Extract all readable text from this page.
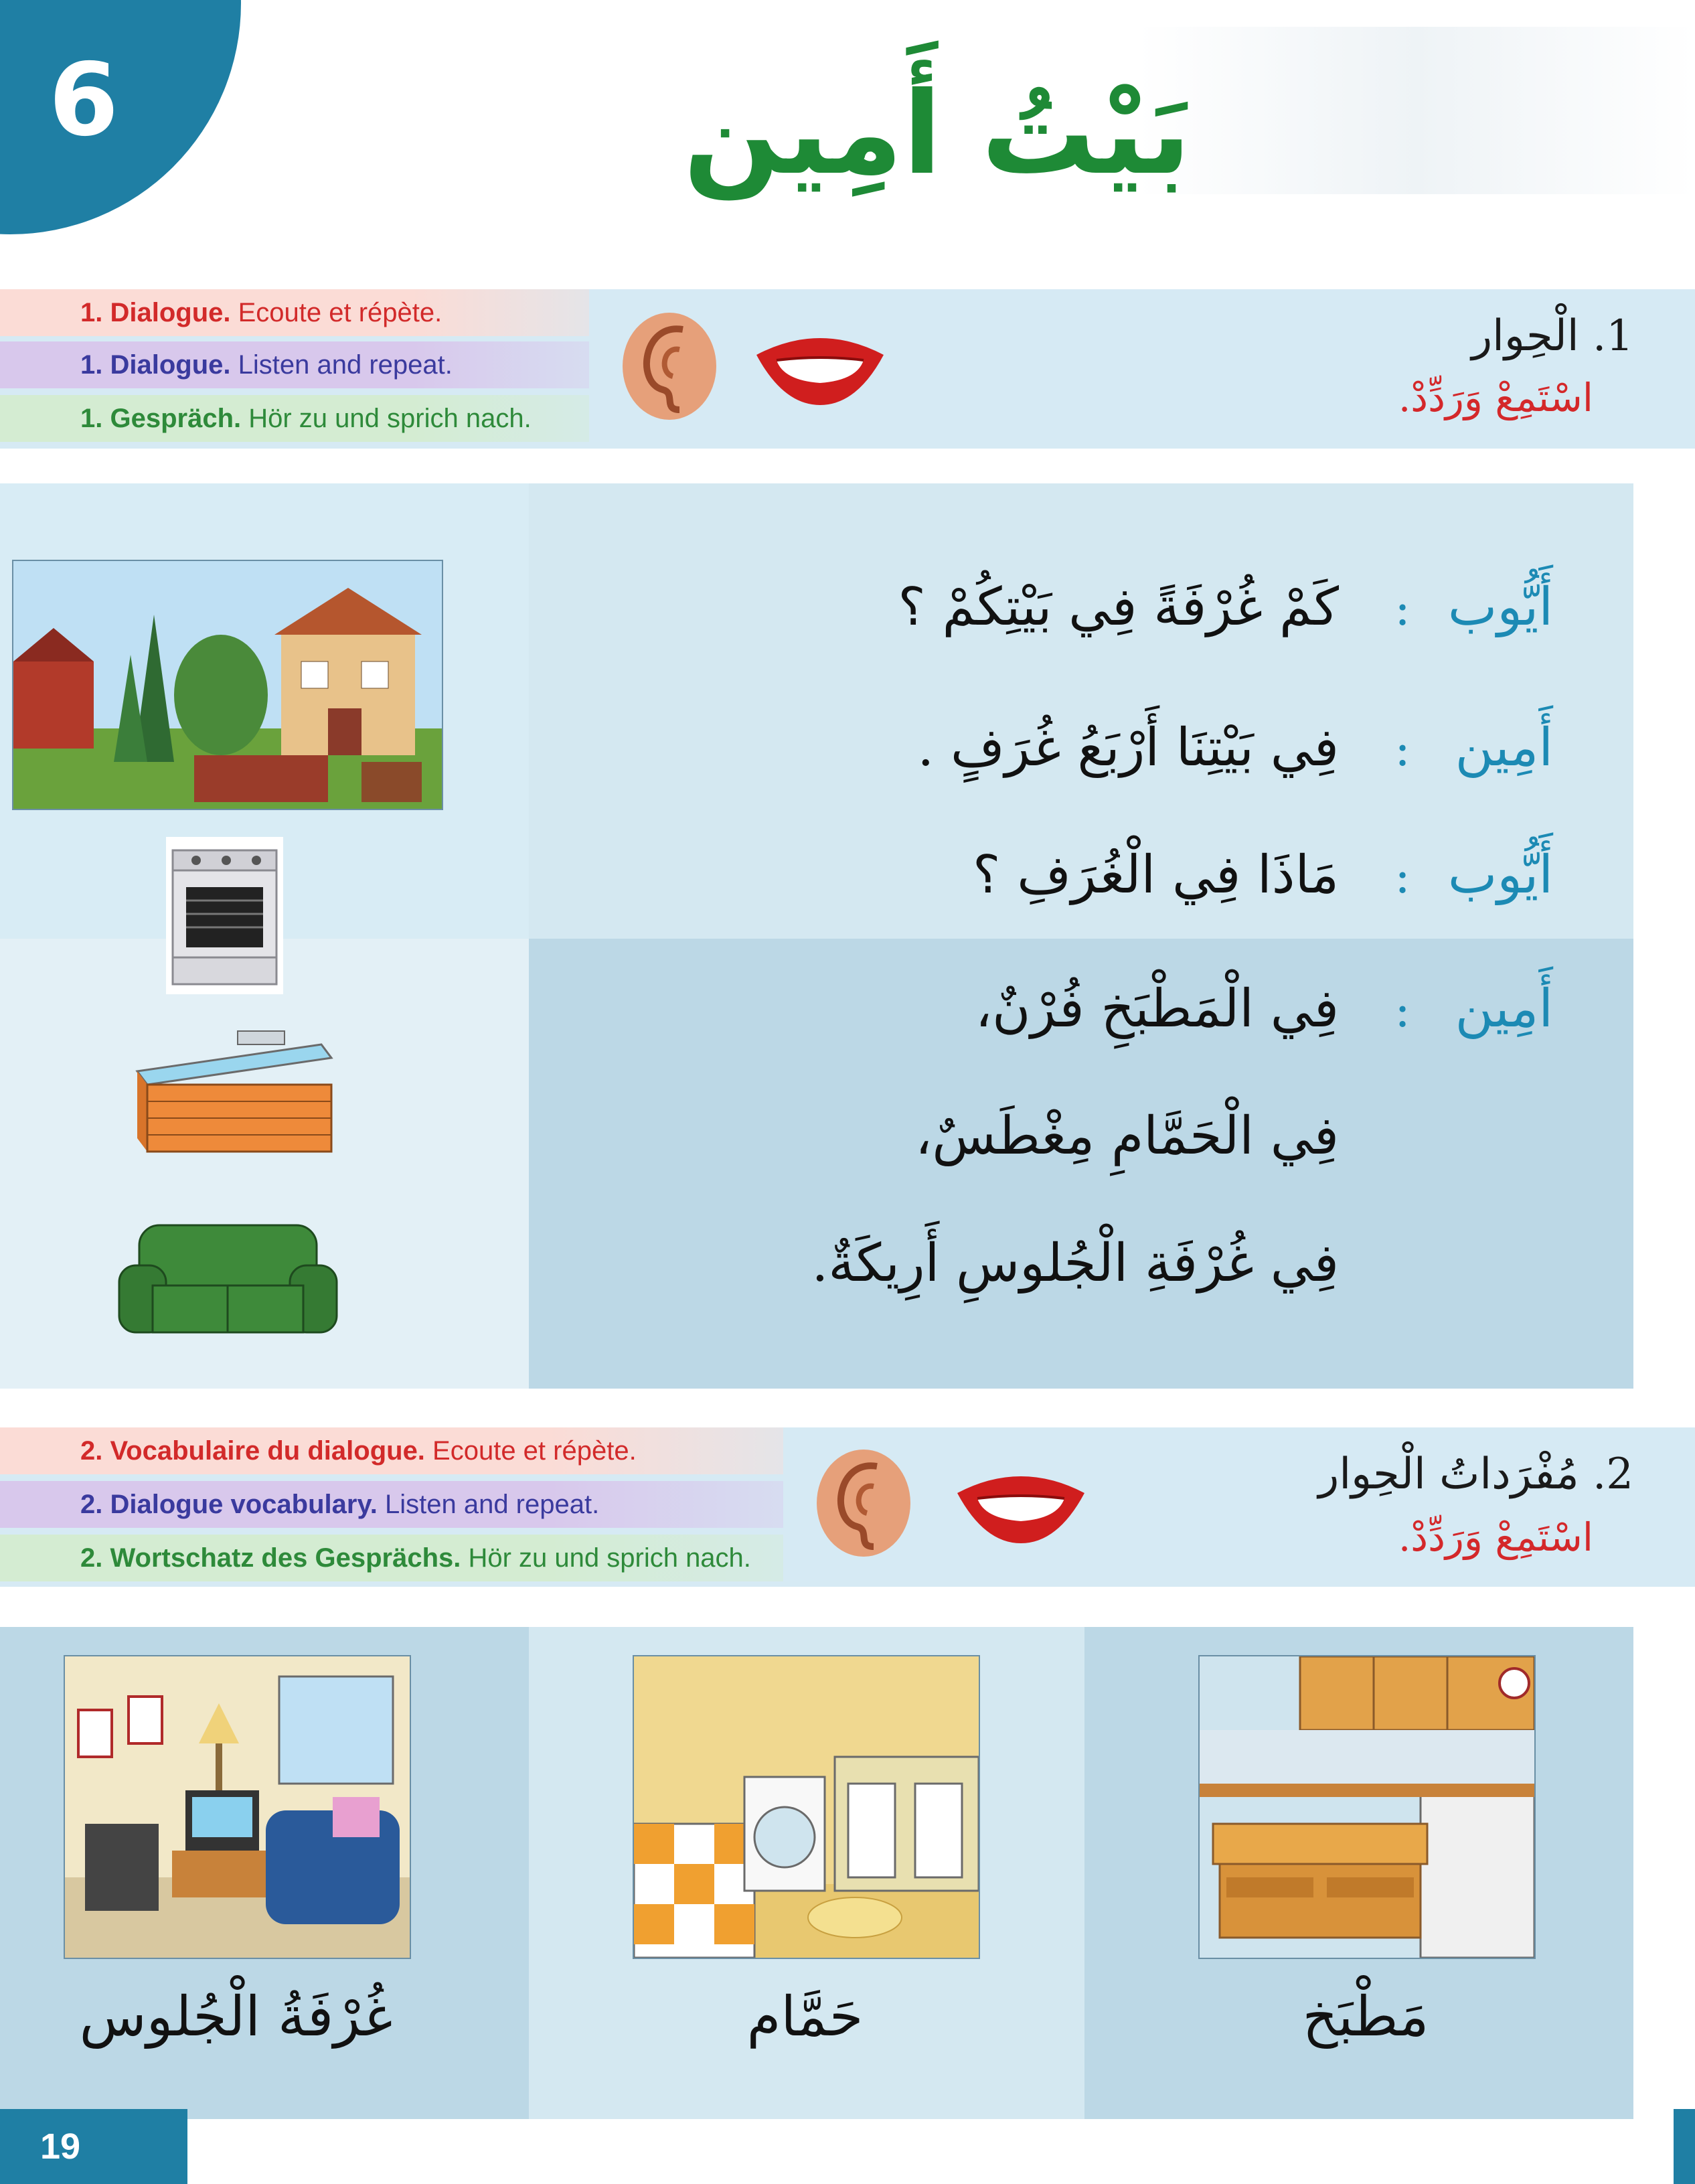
6	بَيْتُ أَمِين
1. Dialogue. Ecoute et répète.
1. Dialogue. Listen and repeat.
1. Gespräch. Hör zu und sprich nach.
1. الْحِوار
اسْتَمِعْ وَرَدِّدْ.
أَيُّوب
:
كَمْ غُرْفَةً فِي بَيْتِكُمْ ؟
أَمِين
:
فِي بَيْتِنَا أَرْبَعُ غُرَفٍ .
أَيُّوب
:
مَاذَا فِي الْغُرَفِ ؟
أَمِين
:
فِي الْمَطْبَخِ فُرْنٌ،
فِي الْحَمَّامِ مِغْطَسٌ،
فِي غُرْفَةِ الْجُلوسِ أَرِيكَةٌ.
2. Vocabulaire du dialogue. Ecoute et répète.
2. Dialogue vocabulary. Listen and repeat.
2. Wortschatz des Gesprächs. Hör zu und sprich nach.
2. مُفْرَداتُ الْحِوار
اسْتَمِعْ وَرَدِّدْ.
غُرْفَةُ الْجُلوس	حَمَّام	مَطْبَخ
19
